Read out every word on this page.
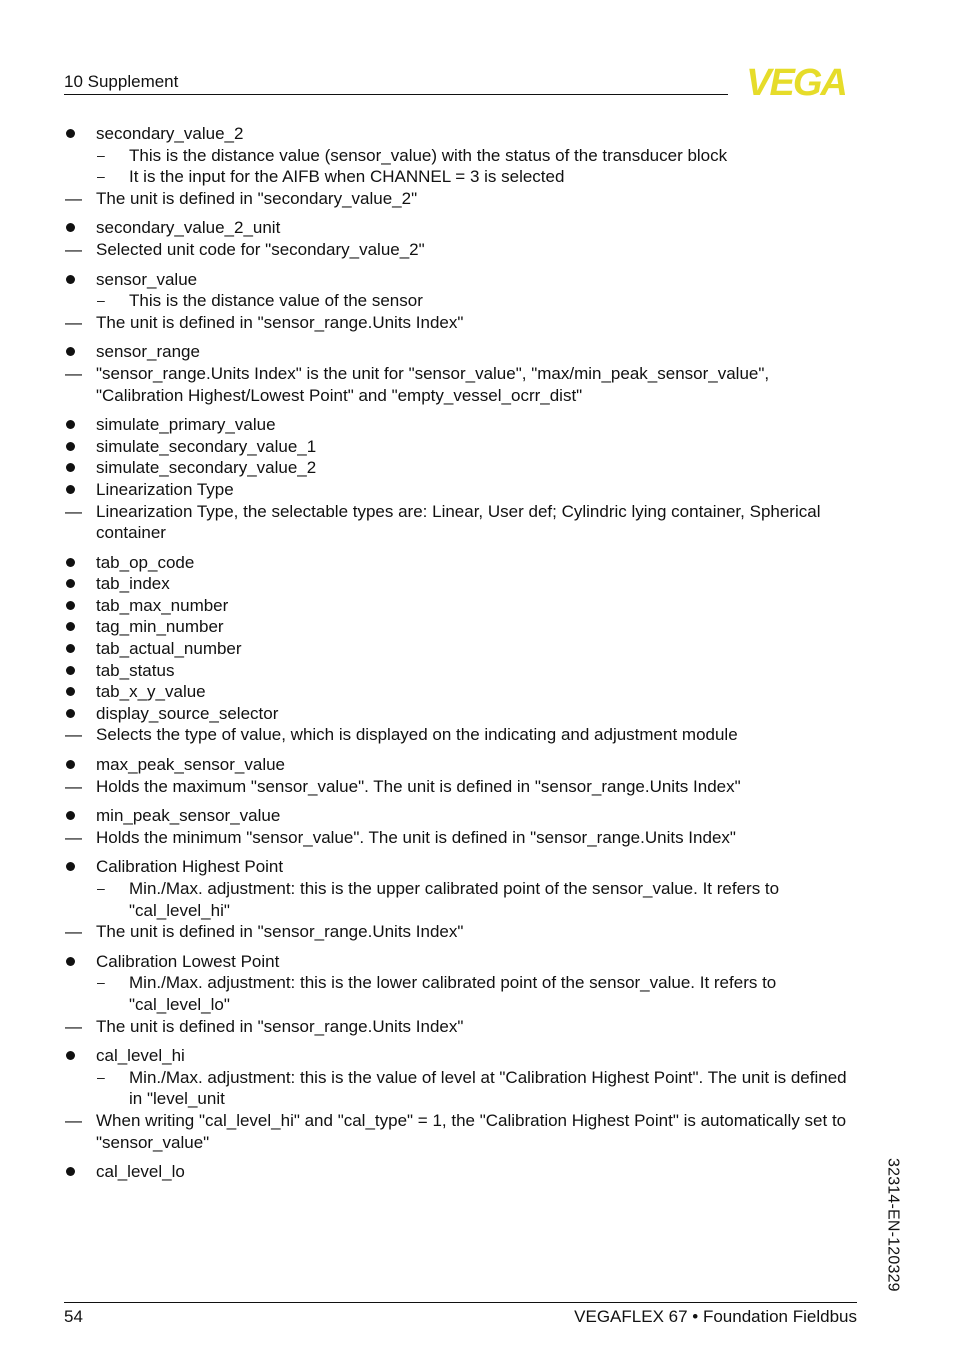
10 Supplement	VEGA
secondary_value_2
– This is the distance value (sensor_value) with the status of the transducer block
– It is the input for the AIFB when CHANNEL = 3 is selected
— The unit is defined in "secondary_value_2"
secondary_value_2_unit
— Selected unit code for "secondary_value_2"
sensor_value
– This is the distance value of the sensor
— The unit is defined in "sensor_range.Units Index"
sensor_range
— "sensor_range.Units Index" is the unit for "sensor_value", "max/min_peak_sensor_value", "Calibration Highest/Lowest Point" and "empty_vessel_ocrr_dist"
simulate_primary_value
simulate_secondary_value_1
simulate_secondary_value_2
Linearization Type
— Linearization Type, the selectable types are: Linear, User def; Cylindric lying container, Spherical container
tab_op_code
tab_index
tab_max_number
tag_min_number
tab_actual_number
tab_status
tab_x_y_value
display_source_selector
— Selects the type of value, which is displayed on the indicating and adjustment module
max_peak_sensor_value
— Holds the maximum "sensor_value". The unit is defined in "sensor_range.Units Index"
min_peak_sensor_value
— Holds the minimum "sensor_value". The unit is defined in "sensor_range.Units Index"
Calibration Highest Point
– Min./Max. adjustment: this is the upper calibrated point of the sensor_value. It refers to "cal_level_hi"
— The unit is defined in "sensor_range.Units Index"
Calibration Lowest Point
– Min./Max. adjustment: this is the lower calibrated point of the sensor_value. It refers to "cal_level_lo"
— The unit is defined in "sensor_range.Units Index"
cal_level_hi
– Min./Max. adjustment: this is the value of level at "Calibration Highest Point". The unit is defined in "level_unit
— When writing "cal_level_hi" and "cal_type" = 1, the "Calibration Highest Point" is automatically set to "sensor_value"
cal_level_lo	32314-EN-120329
54	VEGAFLEX 67 • Foundation Fieldbus
